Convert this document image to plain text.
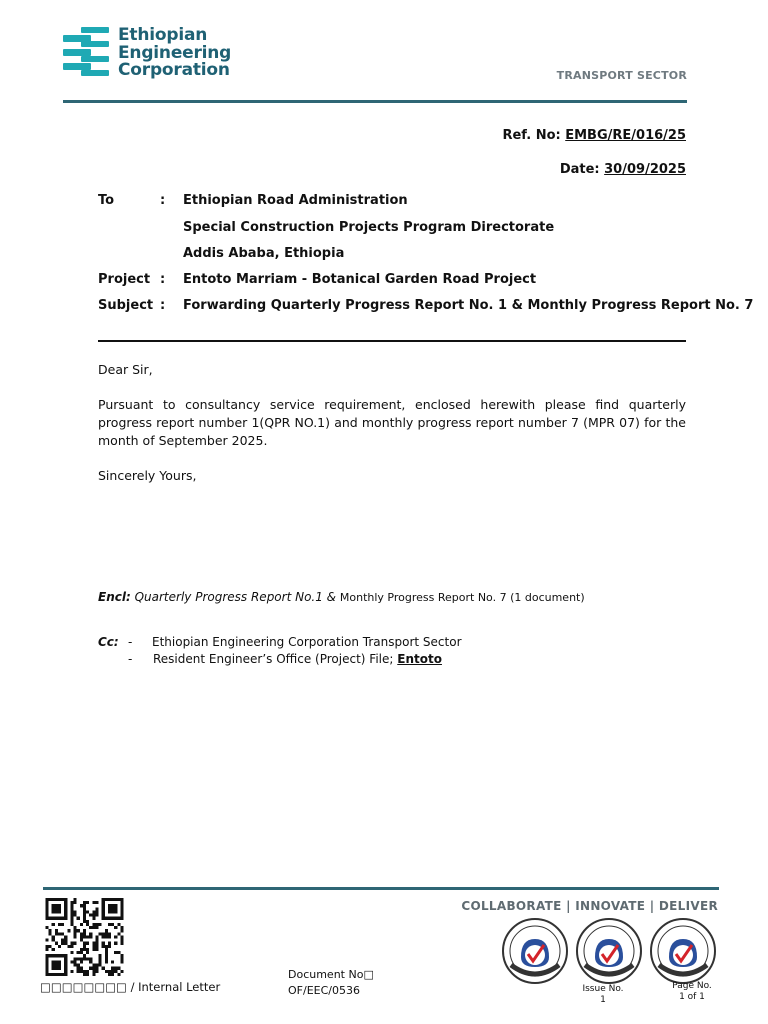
Ethiopian
Engineering
Corporation	TRANSPORT SECTOR
Ref. No: EMBG/RE/016/25
Date: 30/09/2025
To	: Ethiopian Road Administration
Special Construction Projects Program Directorate
Addis Ababa, Ethiopia
Project : Entoto Marriam - Botanical Garden Road Project
Subject : Forwarding Quarterly Progress Report No. 1 & Monthly Progress Report No. 7
Dear Sir,
Pursuant to consultancy service requirement, enclosed herewith please find quarterly progress report number 1(QPR NO.1) and monthly progress report number 7 (MPR 07) for the month of September 2025.
Sincerely Yours,
Encl: Quarterly Progress Report No.1 & Monthly Progress Report No. 7 (1 document)
Cc: - Ethiopian Engineering Corporation Transport Sector
- Resident Engineer’s Office (Project) File; Entoto
□□□□□□□□ / Internal Letter
Document No□
OF/EEC/0536
COLLABORATE | INNOVATE | DELIVER
Issue No.
1
Page No.
1 of 1
